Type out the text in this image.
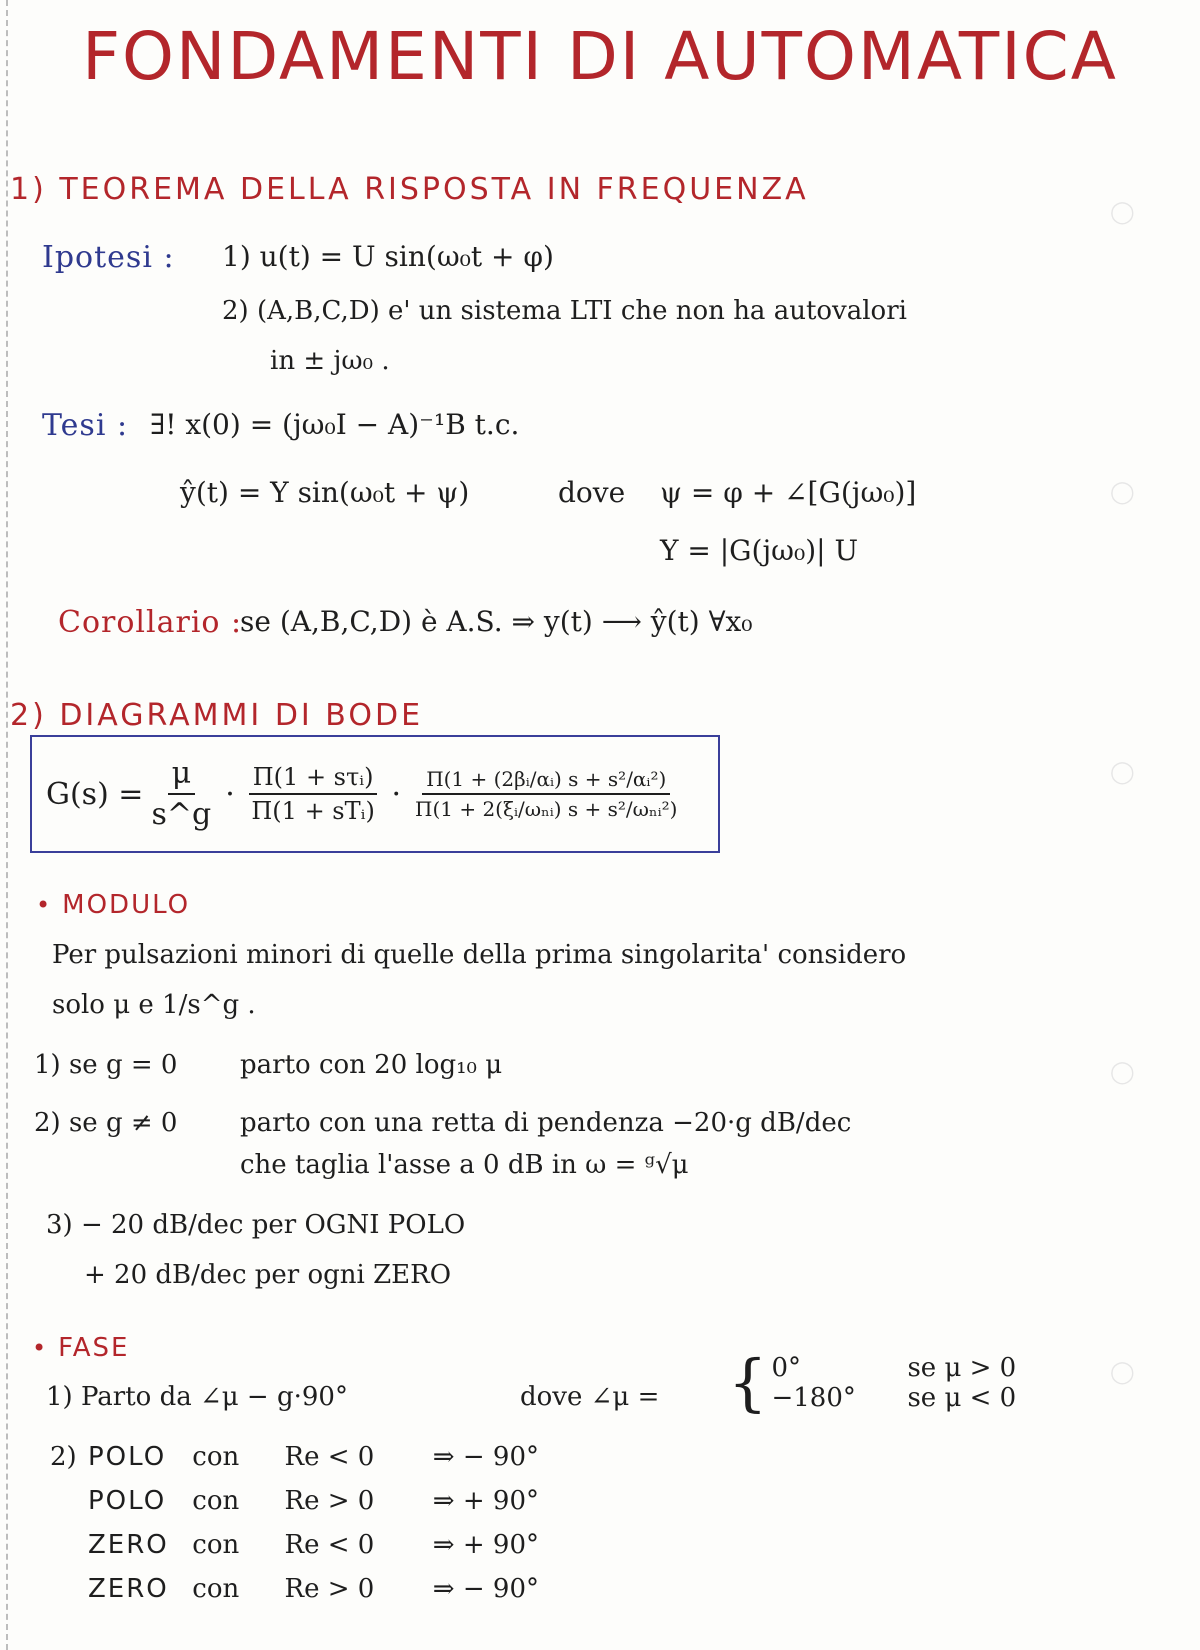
◯
◯
◯
◯
◯
FONDAMENTI DI AUTOMATICA
1) TEOREMA DELLA RISPOSTA IN FREQUENZA
Ipotesi : 1) u(t) = U sin(ω₀t + φ)
2) (A,B,C,D) e' un sistema LTI che non ha autovalori
in ± jω₀ .
Tesi : ∃! x(0) = (jω₀I − A)⁻¹B t.c.
ŷ(t) = Y sin(ω₀t + ψ)	dove ψ = φ + ∠[G(jω₀)]
Y = |G(jω₀)| U
Corollario :
se (A,B,C,D) è A.S. ⇒ y(t) ⟶ ŷ(t) ∀x₀
2) DIAGRAMMI DI BODE
$G(s) = \frac{\mu}{s\^{}g} \cdot \frac{\text{Π(1 + sτᵢ)}}{\text{Π(1 + sTᵢ)}} \cdot \frac{\text{Π(1 + (2βᵢ/αᵢ) s + s²/αᵢ²)}}{\text{Π(1 + 2(ξᵢ/ωₙᵢ) s + s²/ωₙᵢ²)}}$
• MODULO
Per pulsazioni minori di quelle della prima singolarita' considero
solo μ e 1/s^g .
1) se g = 0 parto con 20 log₁₀ μ
2) se g ≠ 0 parto con una retta di pendenza −20·g dB/dec
che taglia l'asse a 0 dB in ω = ᵍ√μ
3) − 20 dB/dec per OGNI POLO
+ 20 dB/dec per ogni ZERO
• FASE
1) Parto da ∠μ − g·90°	dove ∠μ = { 0°	se μ > 0
−180°	se μ < 0
2) POLO con Re < 0 ⇒ − 90°
POLO con Re > 0 ⇒ + 90°
ZERO con Re < 0 ⇒ + 90°
ZERO con Re > 0 ⇒ − 90°
